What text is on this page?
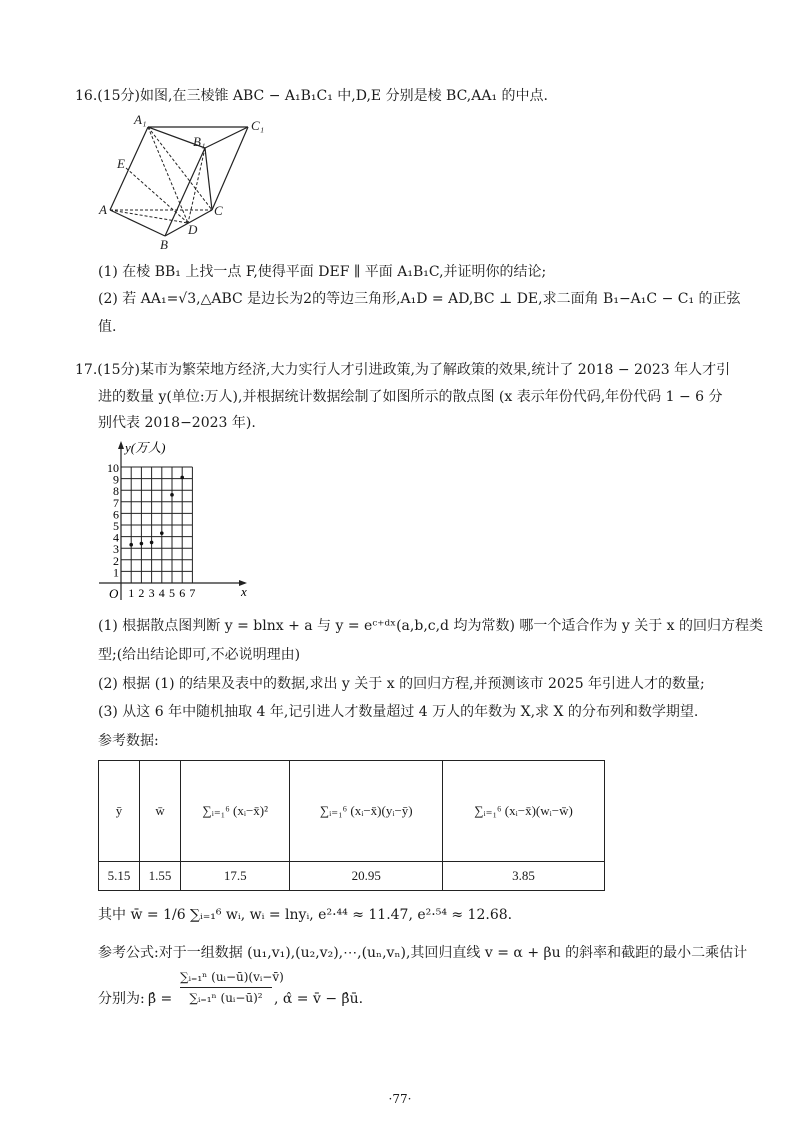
16.(15分)如图,在三棱锥 ABC − A₁B₁C₁ 中,D,E 分别是棱 BC,AA₁ 的中点.
A₁	C₁
B₁
E
A	C
D
B
(1) 在棱 BB₁ 上找一点 F,使得平面 DEF ∥ 平面 A₁B₁C,并证明你的结论;
(2) 若 AA₁=√3,△ABC 是边长为2的等边三角形,A₁D = AD,BC ⊥ DE,求二面角 B₁−A₁C − C₁ 的正弦
值.
17.(15分)某市为繁荣地方经济,大力实行人才引进政策,为了解政策的效果,统计了 2018 − 2023 年人才引
进的数量 y(单位:万人),并根据统计数据绘制了如图所示的散点图 (x 表示年份代码,年份代码 1 − 6 分
别代表 2018−2023 年).
y(万人)
x
O 1 2 3 4 5 6 7
1
2
3
4
5
6
7
8
9
10
(1) 根据散点图判断 y = blnx + a 与 y = eᶜ⁺ᵈˣ(a,b,c,d 均为常数) 哪一个适合作为 y 关于 x 的回归方程类
型;(给出结论即可,不必说明理由)
(2) 根据 (1) 的结果及表中的数据,求出 y 关于 x 的回归方程,并预测该市 2025 年引进人才的数量;
(3) 从这 6 年中随机抽取 4 年,记引进人才数量超过 4 万人的年数为 X,求 X 的分布列和数学期望.
参考数据:
ȳ	w̄	∑ᵢ₌₁⁶ (xᵢ−x̄)²	∑ᵢ₌₁⁶ (xᵢ−x̄)(yᵢ−ȳ)	∑ᵢ₌₁⁶ (xᵢ−x̄)(wᵢ−w̄)
5.15	1.55	17.5	20.95	3.85
其中 w̄ = 1/6 ∑ᵢ₌₁⁶ wᵢ, wᵢ = lnyᵢ, e²·⁴⁴ ≈ 11.47, e²·⁵⁴ ≈ 12.68.
参考公式:对于一组数据 (u₁,v₁),(u₂,v₂),⋯,(uₙ,vₙ),其回归直线 v = α + βu 的斜率和截距的最小二乘估计
分别为: β̂ = $\frac{\text{∑ᵢ₌₁ⁿ (uᵢ−ū)(vᵢ−v̄)}}{\text{∑ᵢ₌₁ⁿ (uᵢ−ū)²}}$ , α̂ = v̄ − β̂ū.
·77·
